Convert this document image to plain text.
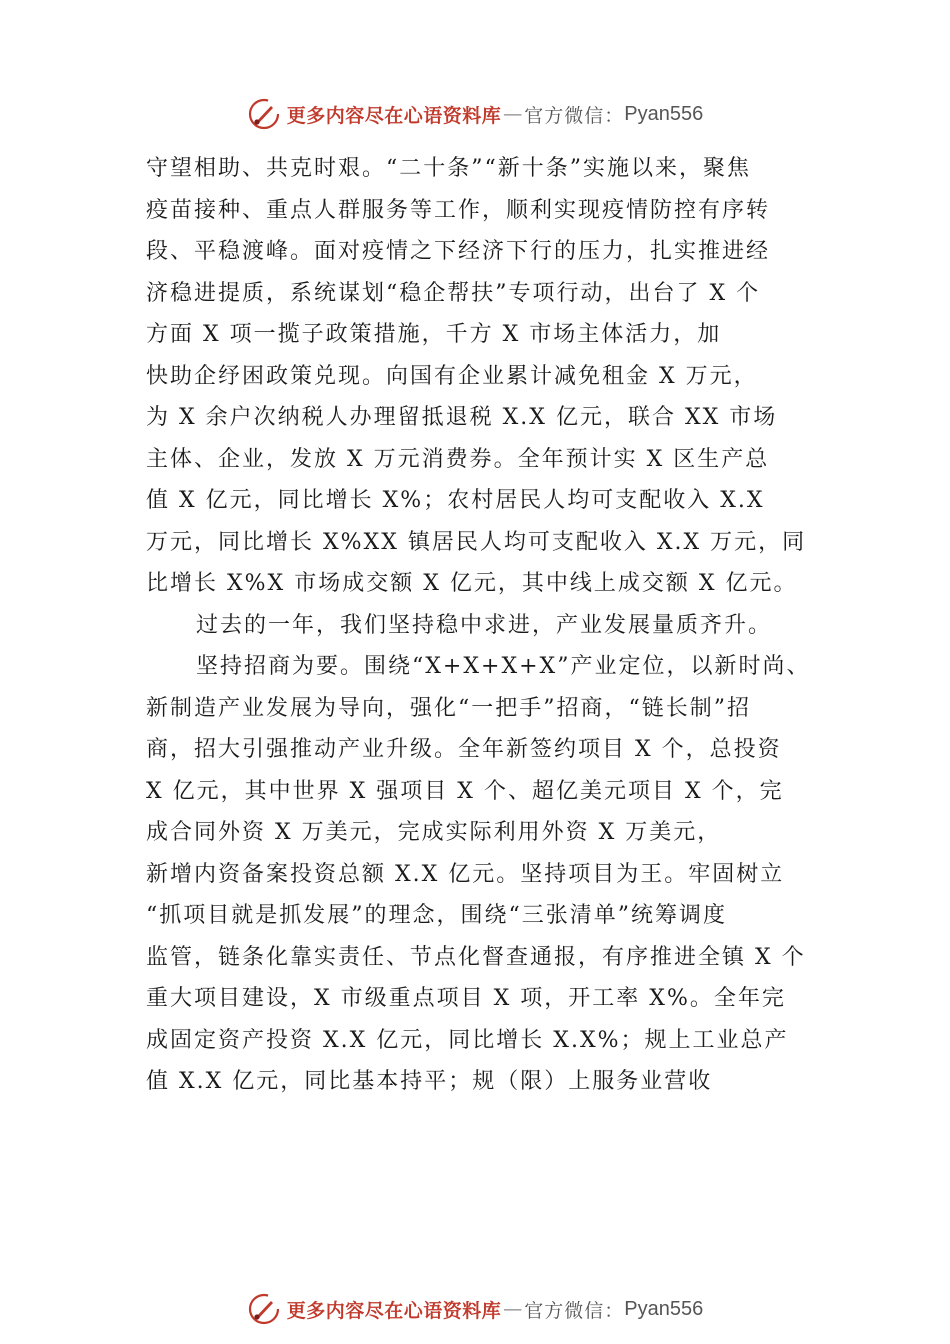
更多内容尽在心语资料库 — 官方微信： Pyan556
守望相助、共克时艰。“二十条”“新十条”实施以来，聚焦
疫苗接种、重点人群服务等工作，顺利实现疫情防控有序转
段、平稳渡峰。面对疫情之下经济下行的压力，扎实推进经
济稳进提质，系统谋划“稳企帮扶”专项行动，出台了 X 个
方面 X 项一揽子政策措施，千方 X 市场主体活力，加
快助企纾困政策兑现。向国有企业累计减免租金 X 万元，
为 X 余户次纳税人办理留抵退税 X.X 亿元，联合 XX 市场
主体、企业，发放 X 万元消费券。全年预计实 X 区生产总
值 X 亿元，同比增长 X%；农村居民人均可支配收入 X.X
万元，同比增长 X%XX 镇居民人均可支配收入 X.X 万元，同
比增长 X%X 市场成交额 X 亿元，其中线上成交额 X 亿元。
过去的一年，我们坚持稳中求进，产业发展量质齐升。
坚持招商为要。围绕“X+X+X+X”产业定位，以新时尚、
新制造产业发展为导向，强化“一把手”招商，“链长制”招
商，招大引强推动产业升级。全年新签约项目 X 个，总投资
X 亿元，其中世界 X 强项目 X 个、超亿美元项目 X 个，完
成合同外资 X 万美元，完成实际利用外资 X 万美元，
新增内资备案投资总额 X.X 亿元。坚持项目为王。牢固树立
“抓项目就是抓发展”的理念，围绕“三张清单”统筹调度
监管，链条化靠实责任、节点化督查通报，有序推进全镇 X 个
重大项目建设，X 市级重点项目 X 项，开工率 X%。全年完
成固定资产投资 X.X 亿元，同比增长 X.X%；规上工业总产
值 X.X 亿元，同比基本持平；规（限）上服务业营收
更多内容尽在心语资料库 — 官方微信： Pyan556
